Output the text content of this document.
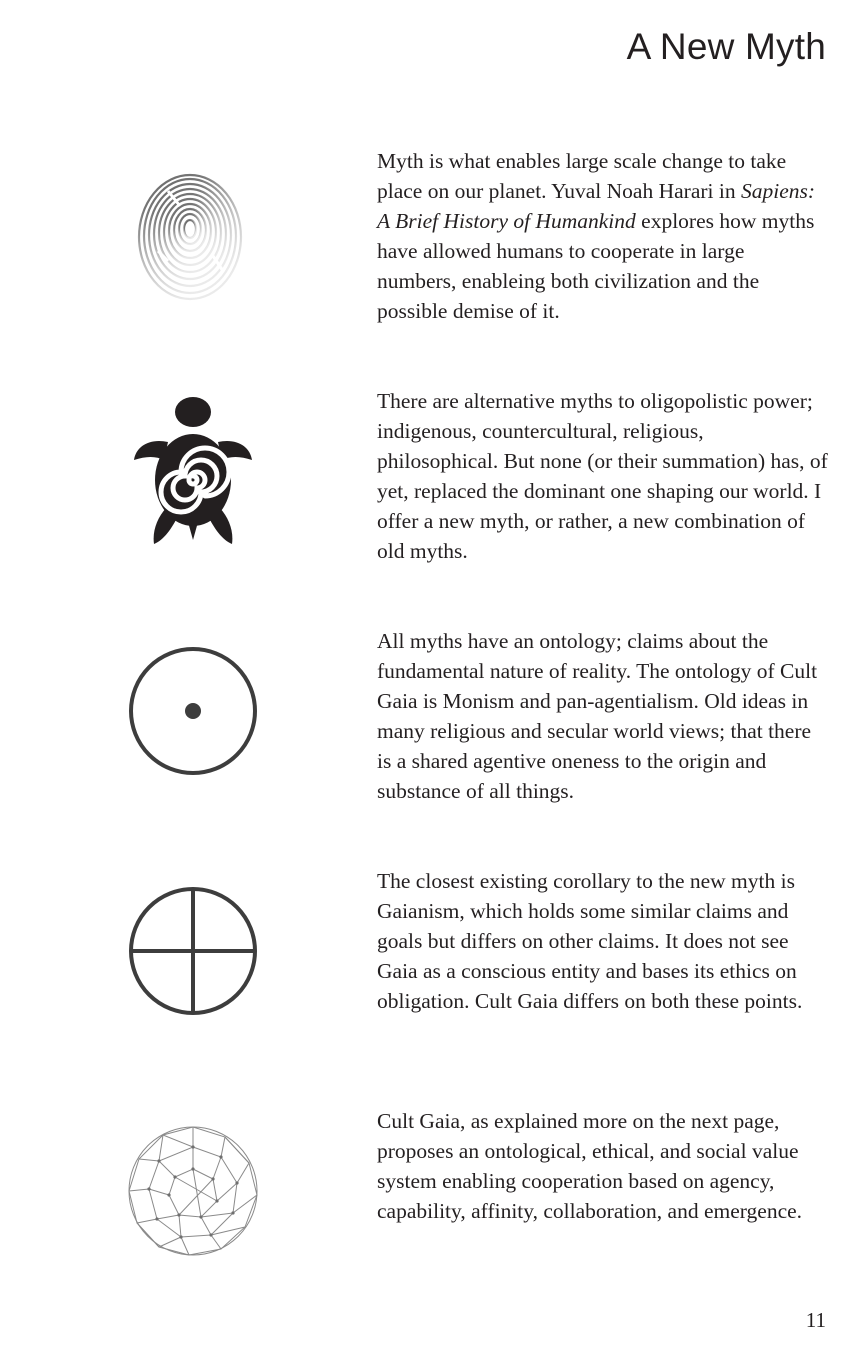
A New Myth

Myth is what enables large scale change to take place on our planet. Yuval Noah Harari in Sapiens: A Brief History of Humankind explores how myths have allowed humans to cooperate in large numbers, enableing both civilization and the possible demise of it.

There are alternative myths to oligopolistic power; indigenous, countercultural, religious, philosophical. But none (or their summation) has, of yet, replaced the dominant one shaping our world. I offer a new myth, or rather, a new combination of old myths.

All myths have an ontology; claims about the fundamental nature of reality. The ontology of Cult Gaia is Monism and pan-agentialism. Old ideas in many religious and secular world views; that there is a shared agentive oneness to the origin and substance of all things.

The closest existing corollary to the new myth is Gaianism, which holds some similar claims and goals but differs on other claims. It does not see Gaia as a conscious entity and bases its ethics on obligation. Cult Gaia differs on both these points.

Cult Gaia, as explained more on the next page, proposes an ontological, ethical, and social value system enabling cooperation based on agency, capability, affinity, collaboration, and emergence.

11
